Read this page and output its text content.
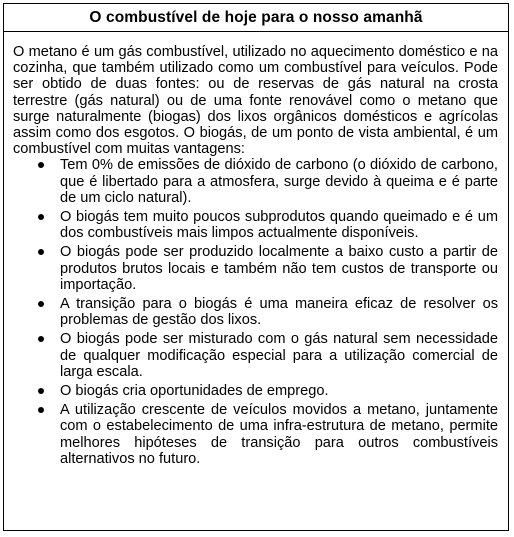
O combustível de hoje para o nosso amanhã

O metano é um gás combustível, utilizado no aquecimento doméstico e na cozinha, que também utilizado como um combustível para veículos. Pode ser obtido de duas fontes: ou de reservas de gás natural na crosta terrestre (gás natural) ou de uma fonte renovável como o metano que surge naturalmente (biogas) dos lixos orgânicos domésticos e agrícolas assim como dos esgotos. O biogás, de um ponto de vista ambiental, é um combustível com muitas vantagens:

Tem 0% de emissões de dióxido de carbono (o dióxido de carbono, que é libertado para a atmosfera, surge devido à queima e é parte de um ciclo natural).
O biogás tem muito poucos subprodutos quando queimado e é um dos combustíveis mais limpos actualmente disponíveis.
O biogás pode ser produzido localmente a baixo custo a partir de produtos brutos locais e também não tem custos de transporte ou importação.
A transição para o biogás é uma maneira eficaz de resolver os problemas de gestão dos lixos.
O biogás pode ser misturado com o gás natural sem necessidade de qualquer modificação especial para a utilização comercial de larga escala.
O biogás cria oportunidades de emprego.
A utilização crescente de veículos movidos a metano, juntamente com o estabelecimento de uma infra-estrutura de metano, permite melhores hipóteses de transição para outros combustíveis alternativos no futuro.
